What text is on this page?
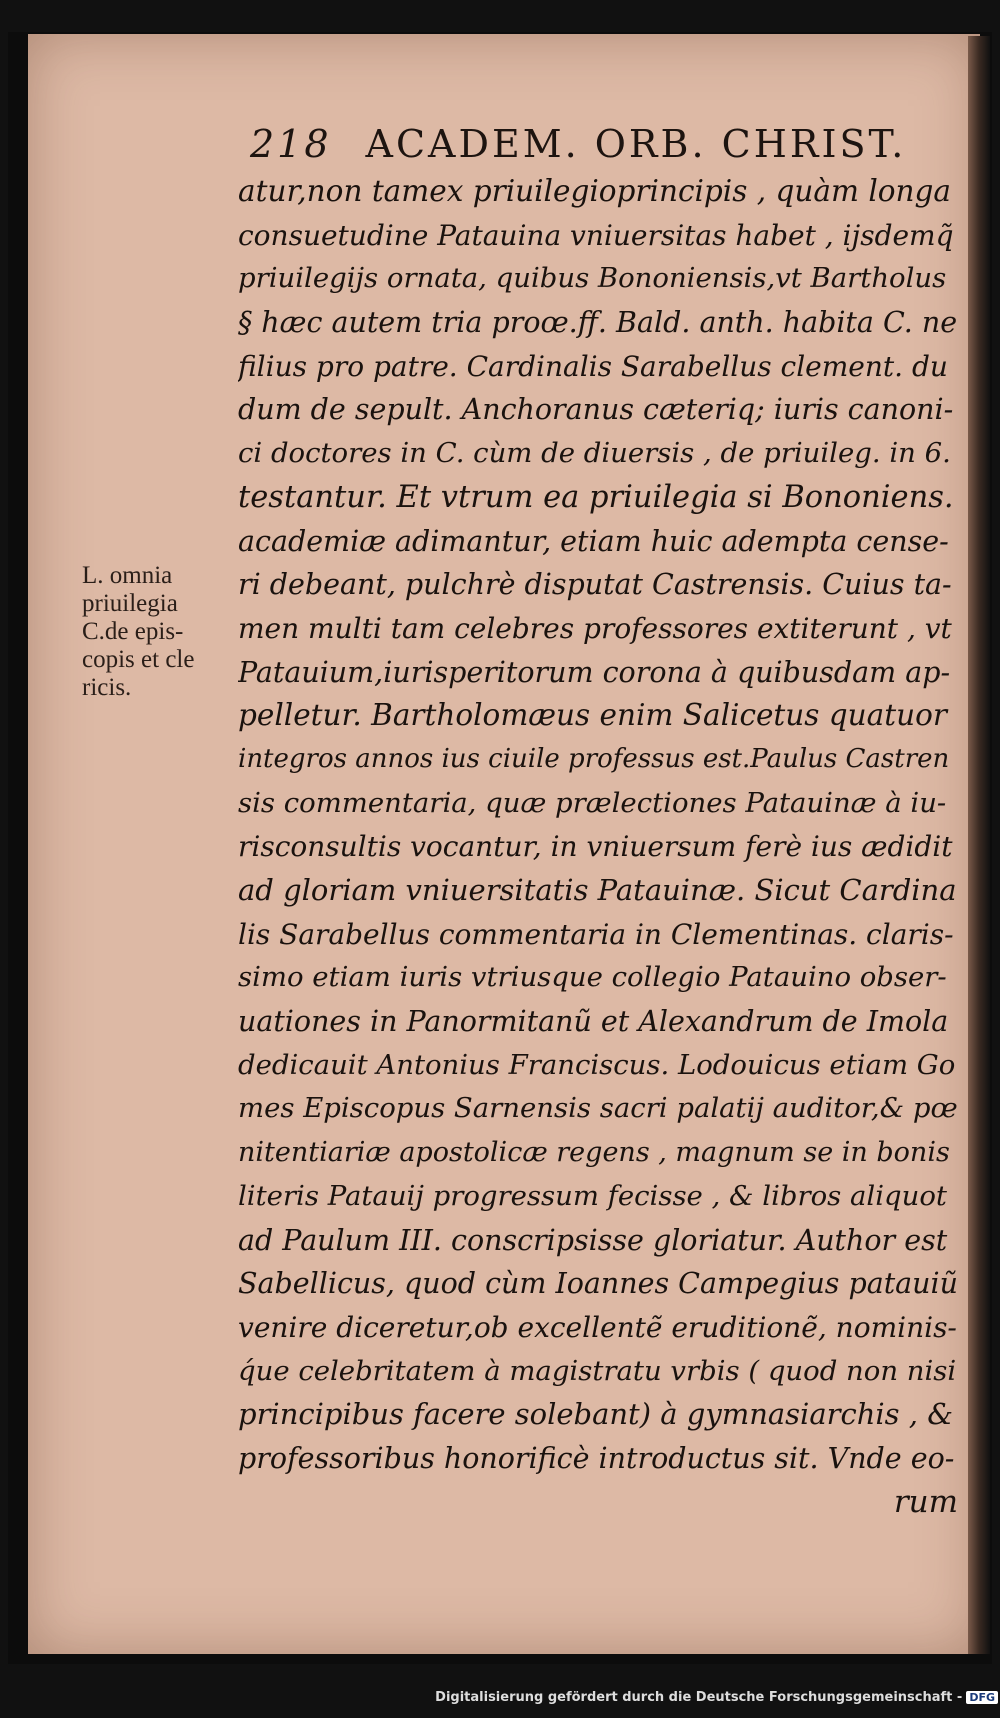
218 ACADEM. ORB. CHRIST.
atur,non tamex priuilegioprincipis , quàm longa
consuetudine Patauina vniuersitas habet , ijsdemq̃
priuilegijs ornata, quibus Bononiensis,vt Bartholus
§ hæc autem tria proœ.ff. Bald. anth. habita C. ne
filius pro patre. Cardinalis Sarabellus clement. du
dum de sepult. Anchoranus cæteriq; iuris canoni-
ci doctores in C. cùm de diuersis , de priuileg. in 6.
testantur. Et vtrum ea priuilegia si Bononiens.
academiæ adimantur, etiam huic adempta cense-
ri debeant, pulchrè disputat Castrensis. Cuius ta-
men multi tam celebres professores extiterunt , vt
Patauium,iurisperitorum corona à quibusdam ap-
pelletur. Bartholomæus enim Salicetus quatuor
integros annos ius ciuile professus est.Paulus Castren
sis commentaria, quæ prælectiones Patauinæ à iu-
risconsultis vocantur, in vniuersum ferè ius ædidit
ad gloriam vniuersitatis Patauinæ. Sicut Cardina
lis Sarabellus commentaria in Clementinas. claris-
simo etiam iuris vtriusque collegio Patauino obser-
uationes in Panormitanũ et Alexandrum de Imola
dedicauit Antonius Franciscus. Lodouicus etiam Go
mes Episcopus Sarnensis sacri palatij auditor,& pœ
nitentiariæ apostolicæ regens , magnum se in bonis
literis Patauij progressum fecisse , & libros aliquot
ad Paulum III. conscripsisse gloriatur. Author est
Sabellicus, quod cùm Ioannes Campegius patauiũ
venire diceretur,ob excellentẽ eruditionẽ, nominis-
q́ue celebritatem à magistratu vrbis ( quod non nisi
principibus facere solebant) à gymnasiarchis , &
professoribus honorificè introductus sit. Vnde eo-
rum
L. omnia
priuilegia
C.de epis-
copis et cle
ricis.
Digitalisierung gefördert durch die Deutsche Forschungsgemeinschaft - DFG
